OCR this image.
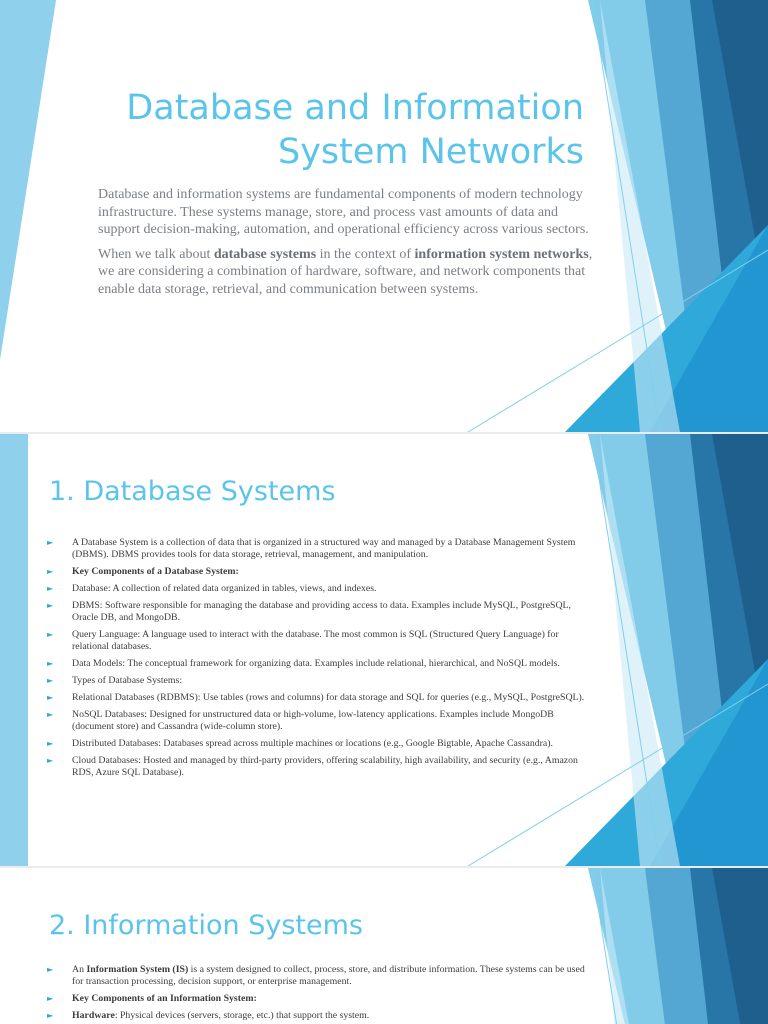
Database and Information
System Networks

Database and information systems are fundamental components of modern technology infrastructure. These systems manage, store, and process vast amounts of data and support decision-making, automation, and operational efficiency across various sectors.

When we talk about database systems in the context of information system networks, we are considering a combination of hardware, software, and network components that enable data storage, retrieval, and communication between systems.

1. Database Systems
► A Database System is a collection of data that is organized in a structured way and managed by a Database Management System (DBMS). DBMS provides tools for data storage, retrieval, management, and manipulation.
► Key Components of a Database System:
► Database: A collection of related data organized in tables, views, and indexes.
► DBMS: Software responsible for managing the database and providing access to data. Examples include MySQL, PostgreSQL, Oracle DB, and MongoDB.
► Query Language: A language used to interact with the database. The most common is SQL (Structured Query Language) for relational databases.
► Data Models: The conceptual framework for organizing data. Examples include relational, hierarchical, and NoSQL models.
► Types of Database Systems:
► Relational Databases (RDBMS): Use tables (rows and columns) for data storage and SQL for queries (e.g., MySQL, PostgreSQL).
► NoSQL Databases: Designed for unstructured data or high-volume, low-latency applications. Examples include MongoDB (document store) and Cassandra (wide-column store).
► Distributed Databases: Databases spread across multiple machines or locations (e.g., Google Bigtable, Apache Cassandra).
► Cloud Databases: Hosted and managed by third-party providers, offering scalability, high availability, and security (e.g., Amazon RDS, Azure SQL Database).
2. Information Systems
► An Information System (IS) is a system designed to collect, process, store, and distribute information. These systems can be used for transaction processing, decision support, or enterprise management.
► Key Components of an Information System:
► Hardware: Physical devices (servers, storage, etc.) that support the system.
